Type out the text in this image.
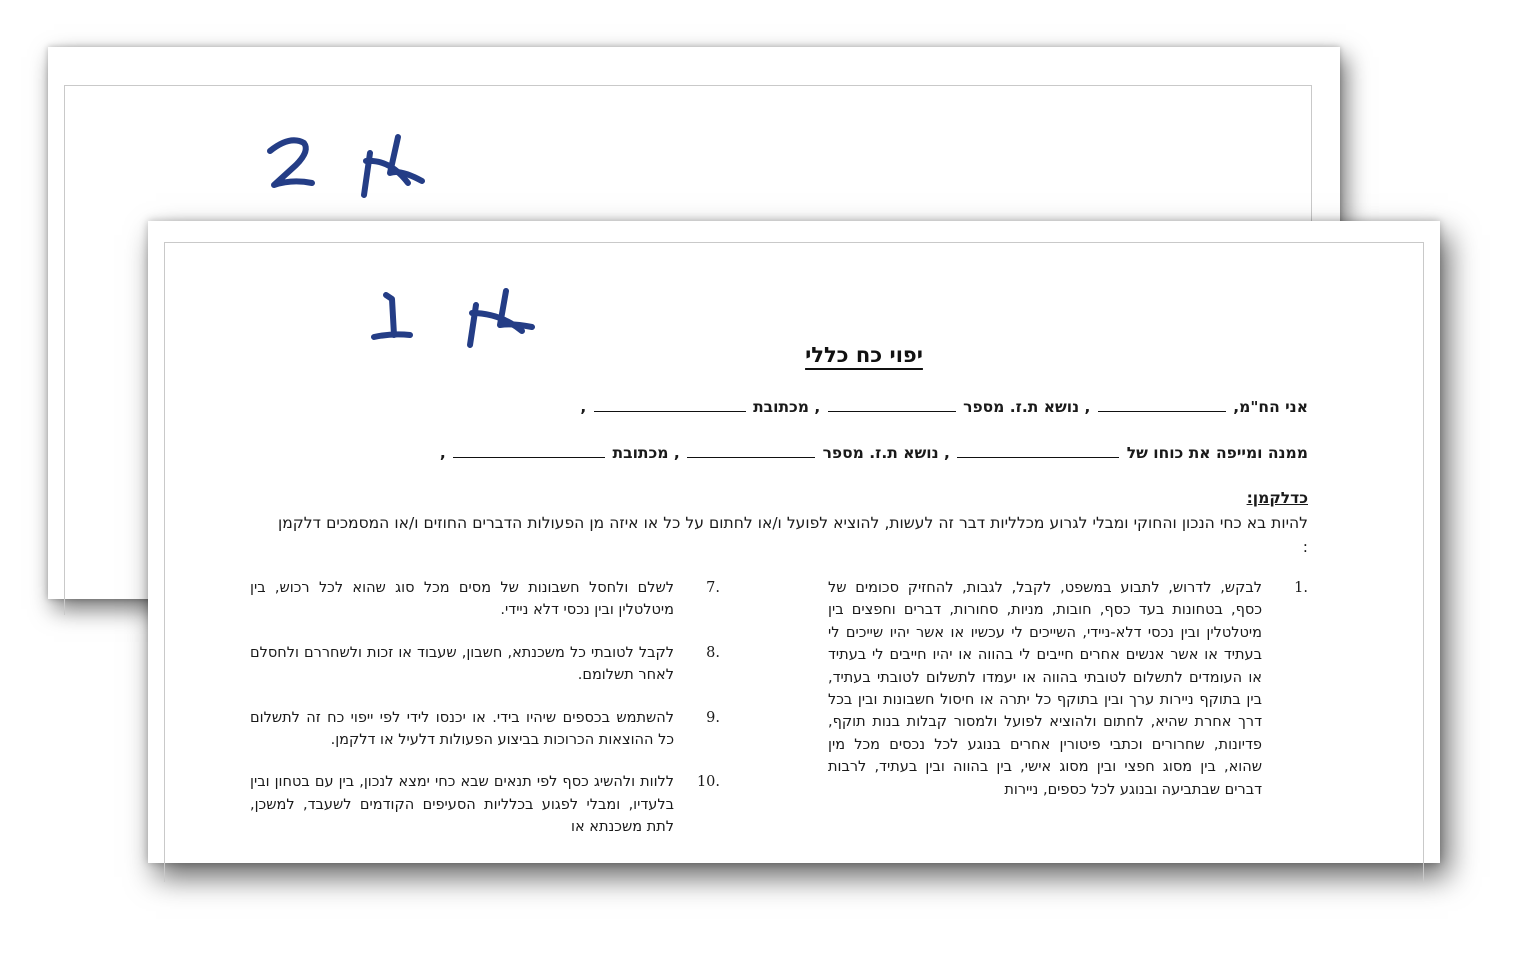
יפוי כח כללי
אני הח"מ,  , נושא ת.ז. מספר  , מכתובת  ,
ממנה ומייפה את כוחו של  , נושא ת.ז. מספר  , מכתובת  ,
כדלקמן:
להיות בא כחי הנכון והחוקי ומבלי לגרוע מכלליות דבר זה לעשות, להוציא לפועל ו/או לחתום על כל או איזה מן הפעולות הדברים החוזים ו/או המסמכים דלקמן :
1.
לבקש, לדרוש, לתבוע במשפט, לקבל, לגבות, להחזיק סכומים של כסף, בטחונות בעד כסף, חובות, מניות, סחורות, דברים וחפצים בין מיטלטלין ובין נכסי דלא-ניידי, השייכים לי עכשיו או אשר יהיו שייכים לי בעתיד או אשר אנשים אחרים חייבים לי בהווה או יהיו חייבים לי בעתיד או העומדים לתשלום לטובתי בהווה או יעמדו לתשלום לטובתי בעתיד, בין בתוקף ניירות ערך ובין בתוקף כל יתרה או חיסול חשבונות ובין בכל דרך אחרת שהיא, לחתום ולהוציא לפועל ולמסור קבלות בנות תוקף, פדיונות, שחרורים וכתבי פיטורין אחרים בנוגע לכל נכסים מכל מין שהוא, בין מסוג חפצי ובין מסוג אישי, בין בהווה ובין בעתיד, לרבות דברים שבתביעה ובנוגע לכל כספים, ניירות
7.
לשלם ולחסל חשבונות של מסים מכל סוג שהוא לכל רכוש, בין מיטלטלין ובין נכסי דלא ניידי.
8.
לקבל לטובתי כל משכנתא, חשבון, שעבוד או זכות ולשחררם ולחסלם לאחר תשלומם.
9.
להשתמש בכספים שיהיו בידי. או יכנסו לידי לפי ייפוי כח זה לתשלום כל ההוצאות הכרוכות בביצוע הפעולות דלעיל או דלקמן.
10.
ללוות ולהשיג כסף לפי תנאים שבא כחי ימצא לנכון, בין עם בטחון ובין בלעדיו, ומבלי לפגוע בכלליות הסעיפים הקודמים לשעבד, למשכן, לתת משכנתא או
